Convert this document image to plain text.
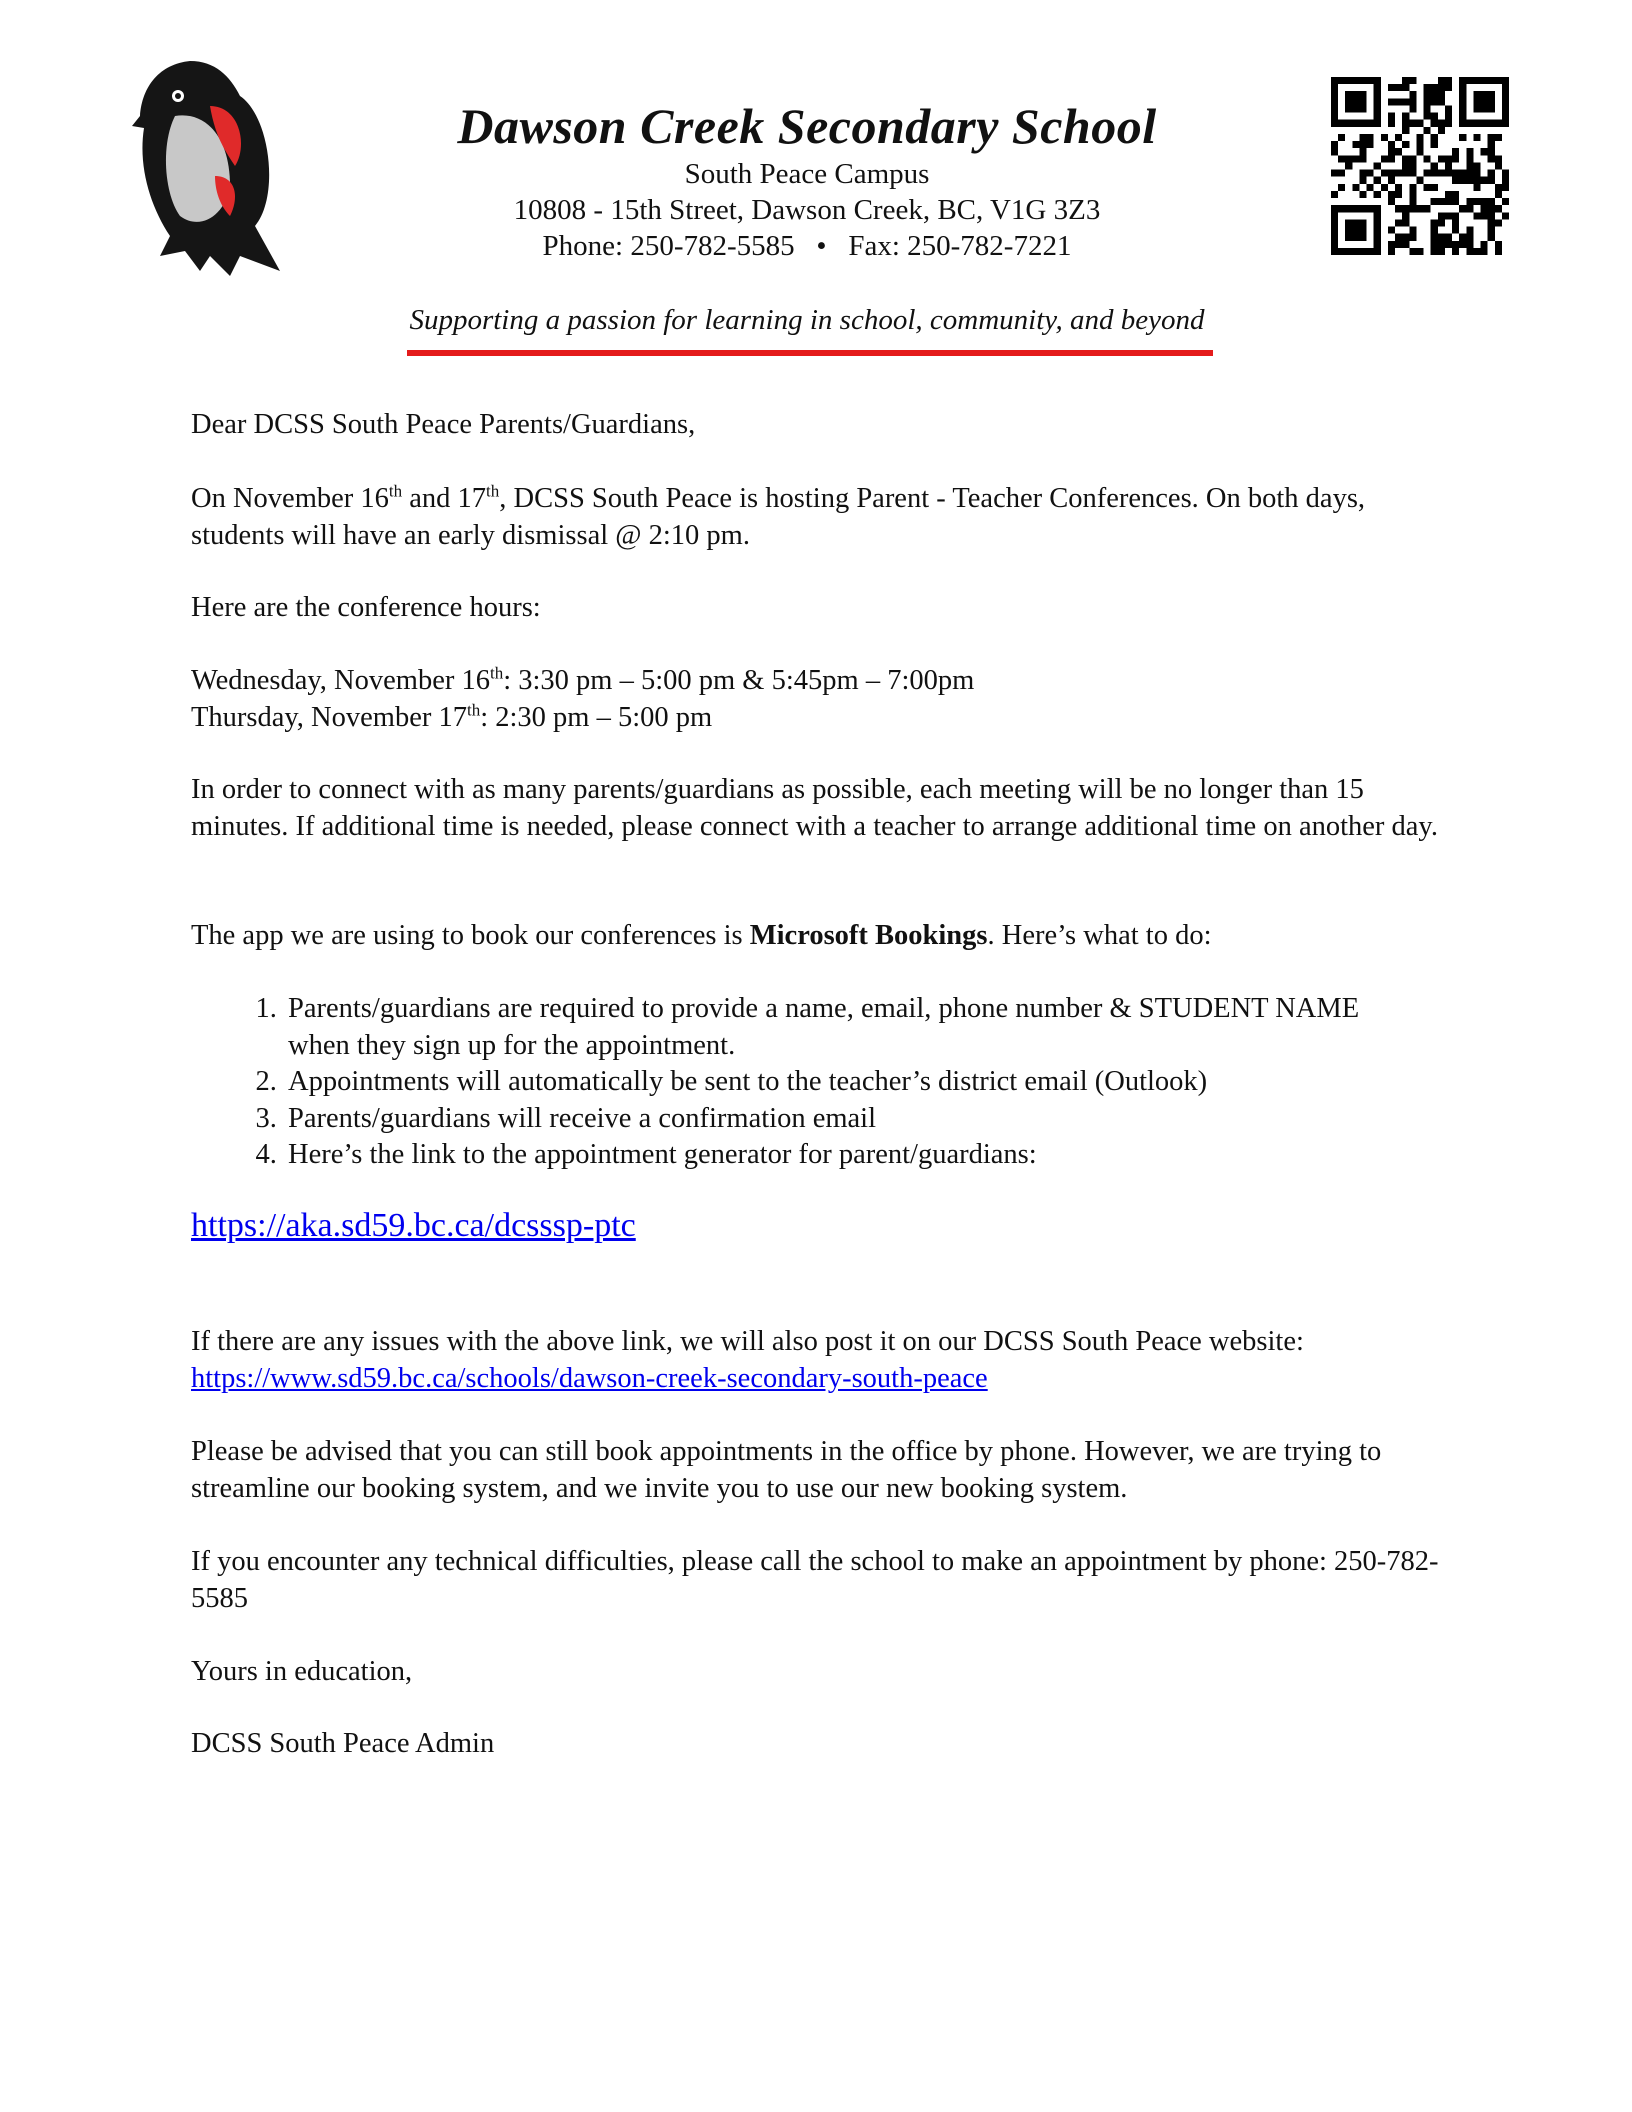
Dawson Creek Secondary School
South Peace Campus
10808 - 15th Street, Dawson Creek, BC, V1G 3Z3
Phone: 250-782-5585 • Fax: 250-782-7221
Supporting a passion for learning in school, community, and beyond
Dear DCSS South Peace Parents/Guardians,
On November 16th and 17th, DCSS South Peace is hosting Parent - Teacher Conferences. On both days, students will have an early dismissal @ 2:10 pm.
Here are the conference hours:

Wednesday, November 16th: 3:30 pm – 5:00 pm & 5:45pm – 7:00pm

Thursday, November 17th: 2:30 pm – 5:00 pm

In order to connect with as many parents/guardians as possible, each meeting will be no longer than 15 minutes. If additional time is needed, please connect with a teacher to arrange additional time on another day.
The app we are using to book our conferences is Microsoft Bookings. Here’s what to do:
1. Parents/guardians are required to provide a name, email, phone number & STUDENT NAME when they sign up for the appointment.
2. Appointments will automatically be sent to the teacher’s district email (Outlook)
3. Parents/guardians will receive a confirmation email
4. Here’s the link to the appointment generator for parent/guardians:
https://aka.sd59.bc.ca/dcsssp-ptc
If there are any issues with the above link, we will also post it on our DCSS South Peace website: https://www.sd59.bc.ca/schools/dawson-creek-secondary-south-peace
Please be advised that you can still book appointments in the office by phone. However, we are trying to streamline our booking system, and we invite you to use our new booking system.
If you encounter any technical difficulties, please call the school to make an appointment by phone: 250-782-5585
Yours in education,
DCSS South Peace Admin
